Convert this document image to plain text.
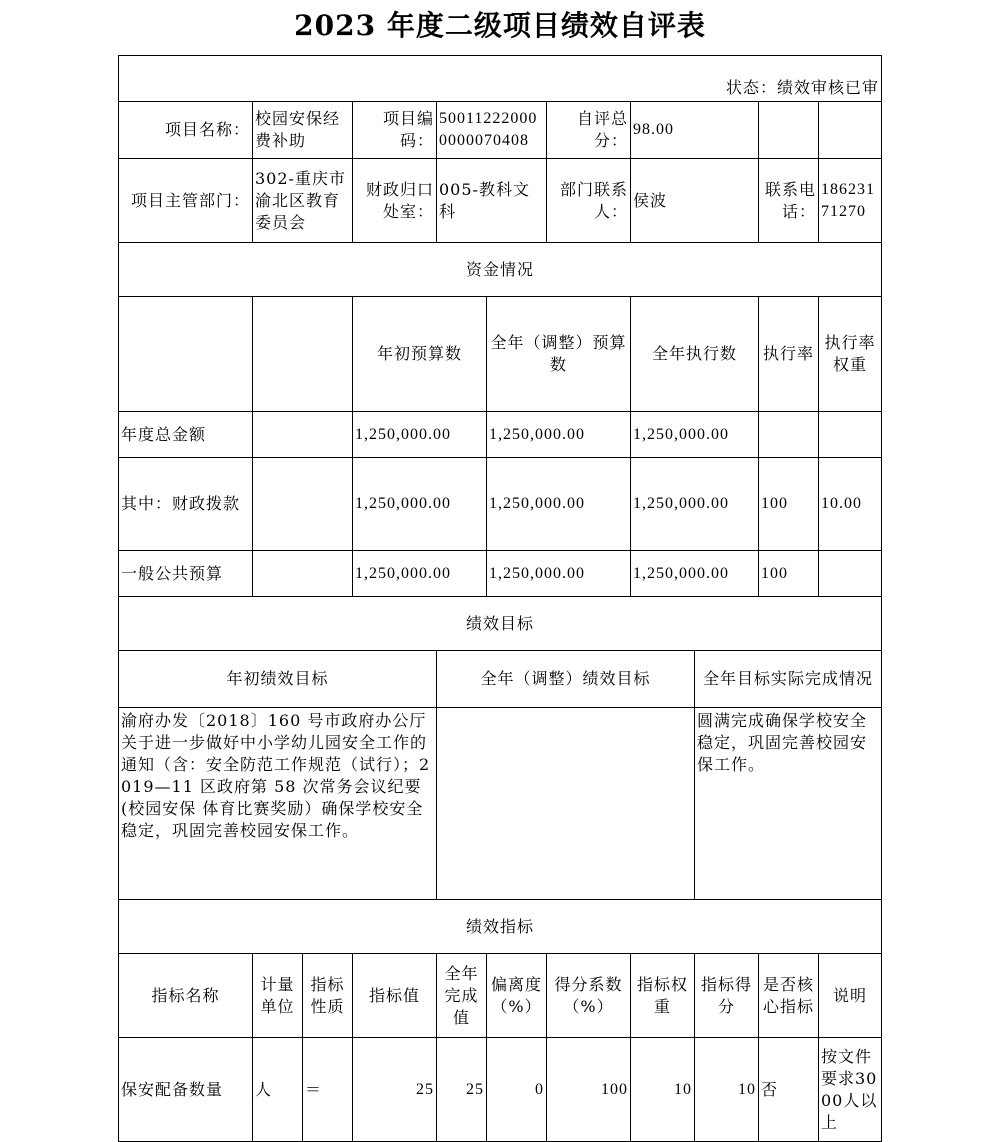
2023 年度二级项目绩效自评表
状态：绩效审核已审											
项目名称：	校园安保经费补助		项目编码：	500112220000000070408		自评总分：	98.00				
项目主管部门：	302-重庆市渝北区教育委员会		财政归口处室：	005-教科文科		部门联系人：	侯波		联系电话：	18623171270	
资金情况											
			年初预算数		全年（调整）预算数		全年执行数		执行率	执行率权重	
年度总金额			1,250,000.00		1,250,000.00		1,250,000.00				
其中：财政拨款			1,250,000.00		1,250,000.00		1,250,000.00		100	10.00	
一般公共预算			1,250,000.00		1,250,000.00		1,250,000.00		100		
绩效目标											
年初绩效目标				全年（调整）绩效目标				全年目标实际完成情况			
渝府办发〔2018〕160 号市政府办公厅关于进一步做好中小学幼儿园安全工作的通知（含：安全防范工作规范（试行）；2019—11 区政府第 58 次常务会议纪要(校园安保 体育比赛奖励）确保学校安全稳定，巩固完善校园安保工作。								圆满完成确保学校安全稳定，巩固完善校园安保工作。			
绩效指标											
指标名称	计量单位	指标性质	指标值	全年完成值	偏离度（%）	得分系数（%）	指标权重	指标得分	是否核心指标	说明	
保安配备数量	人	＝	25	25	0	100	10	10	否	按文件要求3000人以上	
